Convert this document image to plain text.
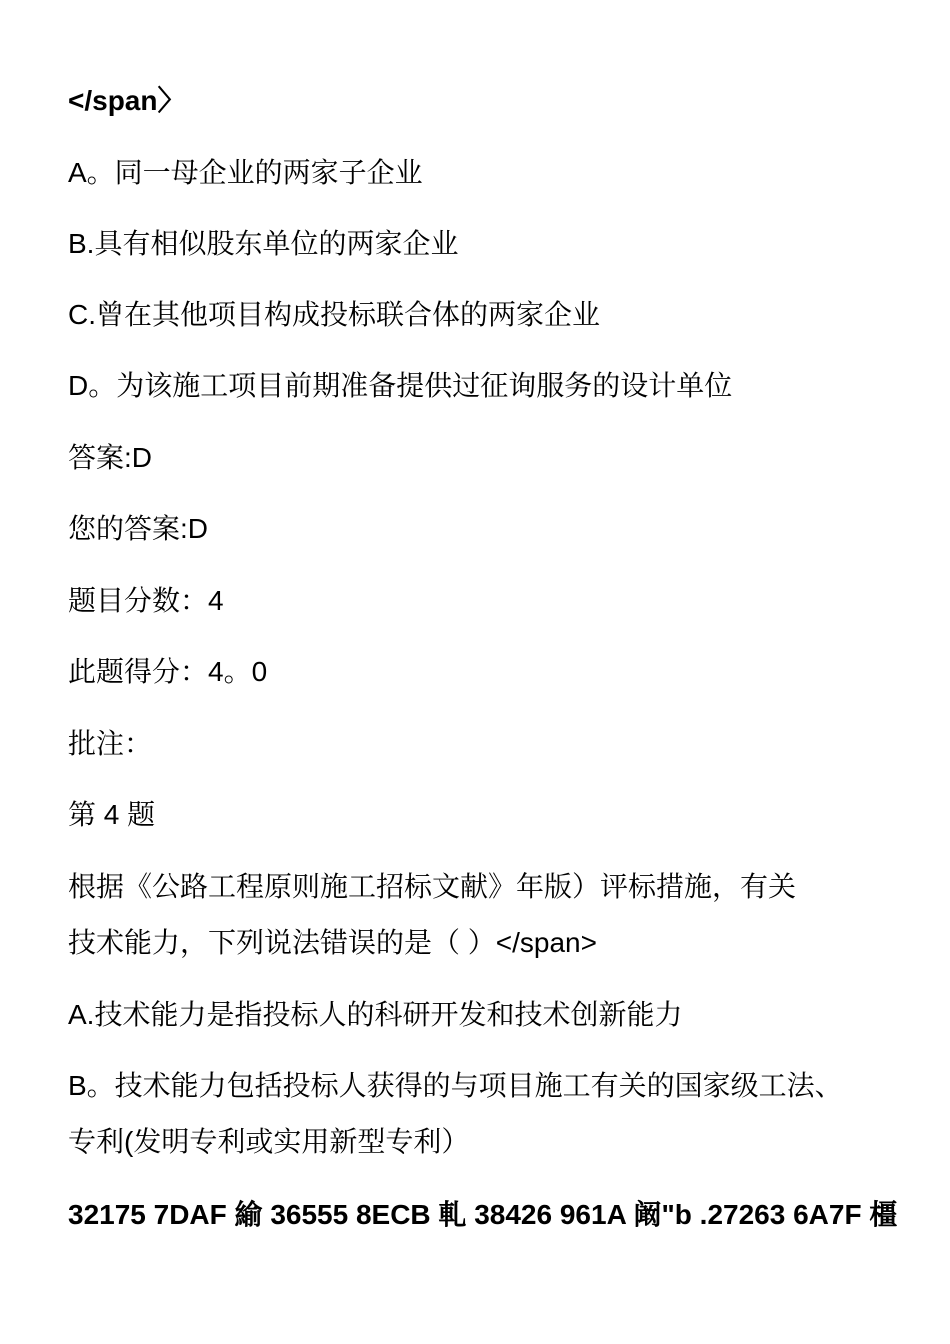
</span〉
A。同一母企业的两家子企业
B.具有相似股东单位的两家企业
C.曾在其他项目构成投标联合体的两家企业
D。为该施工项目前期准备提供过征询服务的设计单位
答案:D
您的答案:D
题目分数：4
此题得分：4。0
批注：
第 4 题
根据《公路工程原则施工招标文献》年版）评标措施，有关
技术能力，下列说法错误的是（ ）</span>
A.技术能力是指投标人的科研开发和技术创新能力
B。技术能力包括投标人获得的与项目施工有关的国家级工法、
专利(发明专利或实用新型专利）
32175 7DAF 緰 36555 8ECB 軋 38426 961A 阚"b .27263 6A7F 橿
